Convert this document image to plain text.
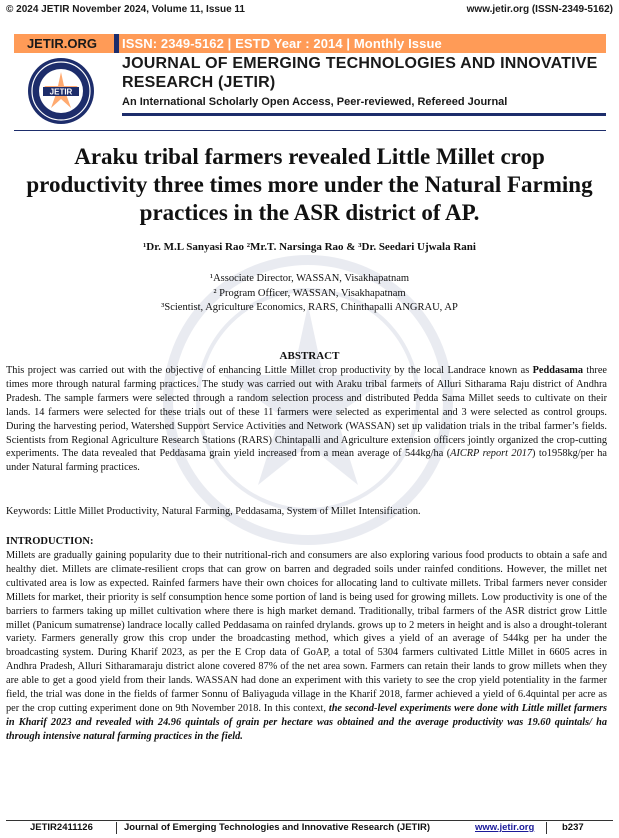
© 2024 JETIR November 2024, Volume 11, Issue 11	www.jetir.org (ISSN-2349-5162)
JETIR.ORG	ISSN: 2349-5162 | ESTD Year : 2014 | Monthly Issue
JETIR
JOURNAL OF EMERGING TECHNOLOGIES AND INNOVATIVE RESEARCH (JETIR)
An International Scholarly Open Access, Peer-reviewed, Refereed Journal
Araku tribal farmers revealed Little Millet crop productivity three times more under the Natural Farming practices in the ASR district of AP.
¹Dr. M.L Sanyasi Rao ²Mr.T. Narsinga Rao & ³Dr. Seedari Ujwala Rani
¹Associate Director, WASSAN, Visakhapatnam
² Program Officer, WASSAN, Visakhapatnam
³Scientist, Agriculture Economics, RARS, Chinthapalli ANGRAU, AP
ABSTRACT
This project was carried out with the objective of enhancing Little Millet crop productivity by the local Landrace known as Peddasama three times more through natural farming practices. The study was carried out with Araku tribal farmers of Alluri Sitharama Raju district of Andhra Pradesh. The sample farmers were selected through a random selection process and distributed Pedda Sama Millet seeds to cultivate on their lands. 14 farmers were selected for these trials out of these 11 farmers were selected as experimental and 3 were selected as control groups. During the harvesting period, Watershed Support Service Activities and Network (WASSAN) set up validation trials in the tribal farmer’s fields. Scientists from Regional Agriculture Research Stations (RARS) Chintapalli and Agriculture extension officers jointly organized the crop-cutting experiments. The data revealed that Peddasama grain yield increased from a mean average of 544kg/ha (AICRP report 2017) to1958kg/per ha under Natural farming practices.
Keywords: Little Millet Productivity, Natural Farming, Peddasama, System of Millet Intensification.
INTRODUCTION:
Millets are gradually gaining popularity due to their nutritional-rich and consumers are also exploring various food products to obtain a safe and healthy diet. Millets are climate-resilient crops that can grow on barren and degraded soils under rainfed conditions. However, the millet net cultivated area is low as expected. Rainfed farmers have their own choices for allocating land to cultivate millets. Tribal farmers never consider Millets for market, their priority is self consumption hence some portion of land is being used for growing millets. Low productivity is one of the barriers to farmers taking up millet cultivation where there is high market demand. Traditionally, tribal farmers of the ASR district grow Little millet (Panicum sumatrense) landrace locally called Peddasama on rainfed drylands. grows up to 2 meters in height and is also a drought-tolerant variety. Farmers generally grow this crop under the broadcasting method, which gives a yield of an average of 544kg per ha under the broadcasting system. During Kharif 2023, as per the E Crop data of GoAP, a total of 5304 farmers cultivated Little Millet in 6605 acres in Andhra Pradesh, Alluri Sitharamaraju district alone covered 87% of the net area sown. Farmers can retain their lands to grow millets when they are able to get a good yield from their lands. WASSAN had done an experiment with this variety to see the crop yield potentiality in the farmer field, the trial was done in the fields of farmer Sonnu of Baliyaguda village in the Kharif 2018, farmer achieved a yield of 6.4quintal per acre as per the crop cutting experiment done on 9th November 2018. In this context, the second-level experiments were done with Little millet farmers in Kharif 2023 and revealed with 24.96 quintals of grain per hectare was obtained and the average productivity was 19.60 quintals/ ha through intensive natural farming practices in the field.
JETIR2411126	Journal of Emerging Technologies and Innovative Research (JETIR)	www.jetir.org	b237
